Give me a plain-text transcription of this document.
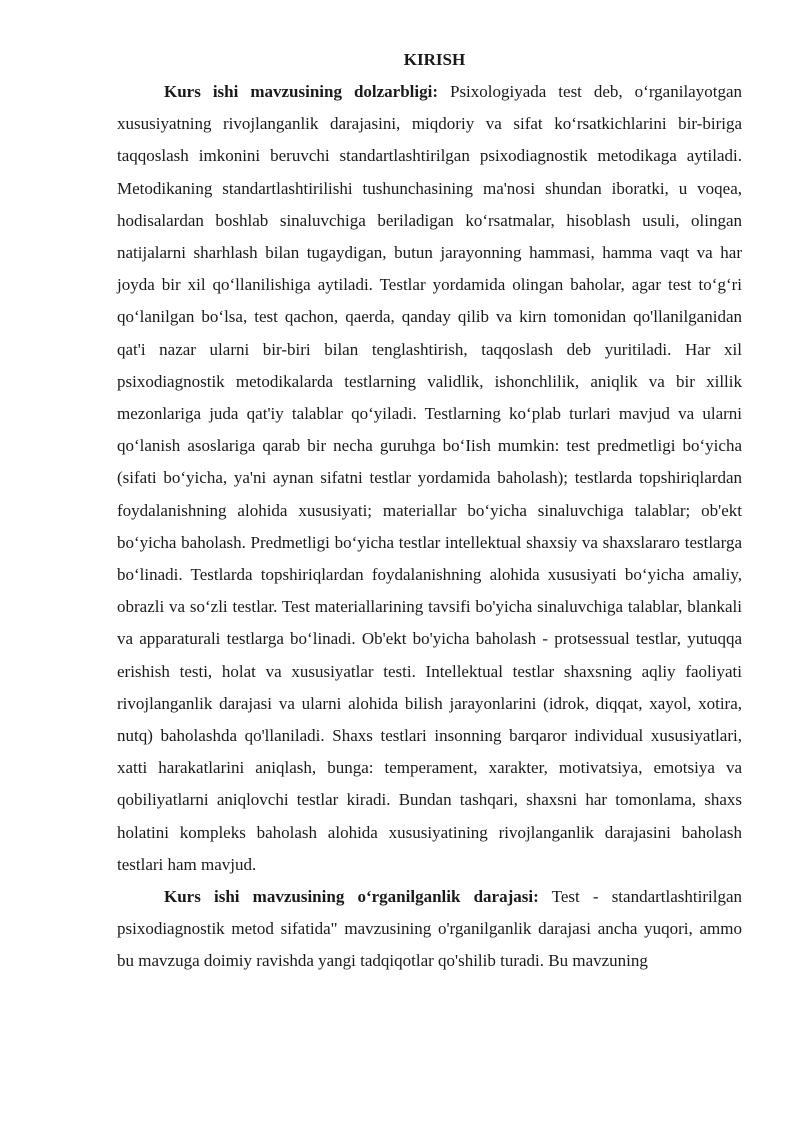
KIRISH

Kurs ishi mavzusining dolzarbligi: Psixologiyada test deb, oʻrganilayotgan xususiyatning rivojlanganlik darajasini, miqdoriy va sifat koʻrsatkichlarini bir-biriga taqqoslash imkonini beruvchi standartlashtirilgan psixodiagnostik metodikaga aytiladi. Metodikaning standartlashtirilishi tushunchasining ma'nosi shundan iboratki, u voqea, hodisalardan boshlab sinaluvchiga beriladigan koʻrsatmalar, hisoblash usuli, olingan natijalarni sharhlash bilan tugaydigan, butun jarayonning hammasi, hamma vaqt va har joyda bir xil qoʻllanilishiga aytiladi. Testlar yordamida olingan baholar, agar test toʻgʻri qoʻlanilgan boʻlsa, test qachon, qaerda, qanday qilib va kirn tomonidan qo'llanilganidan qat'i nazar ularni bir-biri bilan tenglashtirish, taqqoslash deb yuritiladi. Har xil psixodiagnostik metodikalarda testlarning validlik, ishonchlilik, aniqlik va bir xillik mezonlariga juda qat'iy talablar qoʻyiladi. Testlarning koʻplab turlari mavjud va ularni qoʻlanish asoslariga qarab bir necha guruhga boʻIish mumkin: test predmetligi boʻyicha (sifati boʻyicha, ya'ni aynan sifatni testlar yordamida baholash); testlarda topshiriqlardan foydalanishning alohida xususiyati; materiallar boʻyicha sinaluvchiga talablar; ob'ekt boʻyicha baholash. Predmetligi boʻyicha testlar intellektual shaxsiy va shaxslararo testlarga boʻlinadi. Testlarda topshiriqlardan foydalanishning alohida xususiyati boʻyicha amaliy, obrazli va soʻzli testlar. Test materiallarining tavsifi bo'yicha sinaluvchiga talablar, blankali va apparaturali testlarga boʻlinadi. Ob'ekt bo'yicha baholash - protsessual testlar, yutuqqa erishish testi, holat va xususiyatlar testi. Intellektual testlar shaxsning aqliy faoliyati rivojlanganlik darajasi va ularni alohida bilish jarayonlarini (idrok, diqqat, xayol, xotira, nutq) baholashda qo'llaniladi. Shaxs testlari insonning barqaror individual xususiyatlari, xatti harakatlarini aniqlash, bunga: temperament, xarakter, motivatsiya, emotsiya va qobiliyatlarni aniqlovchi testlar kiradi. Bundan tashqari, shaxsni har tomonlama, shaxs holatini kompleks baholash alohida xususiyatining rivojlanganlik darajasini baholash testlari ham mavjud.

Kurs ishi mavzusining oʻrganilganlik darajasi: Test - standartlashtirilgan psixodiagnostik metod sifatida" mavzusining o'rganilganlik darajasi ancha yuqori, ammo bu mavzuga doimiy ravishda yangi tadqiqotlar qo'shilib turadi. Bu mavzuning
